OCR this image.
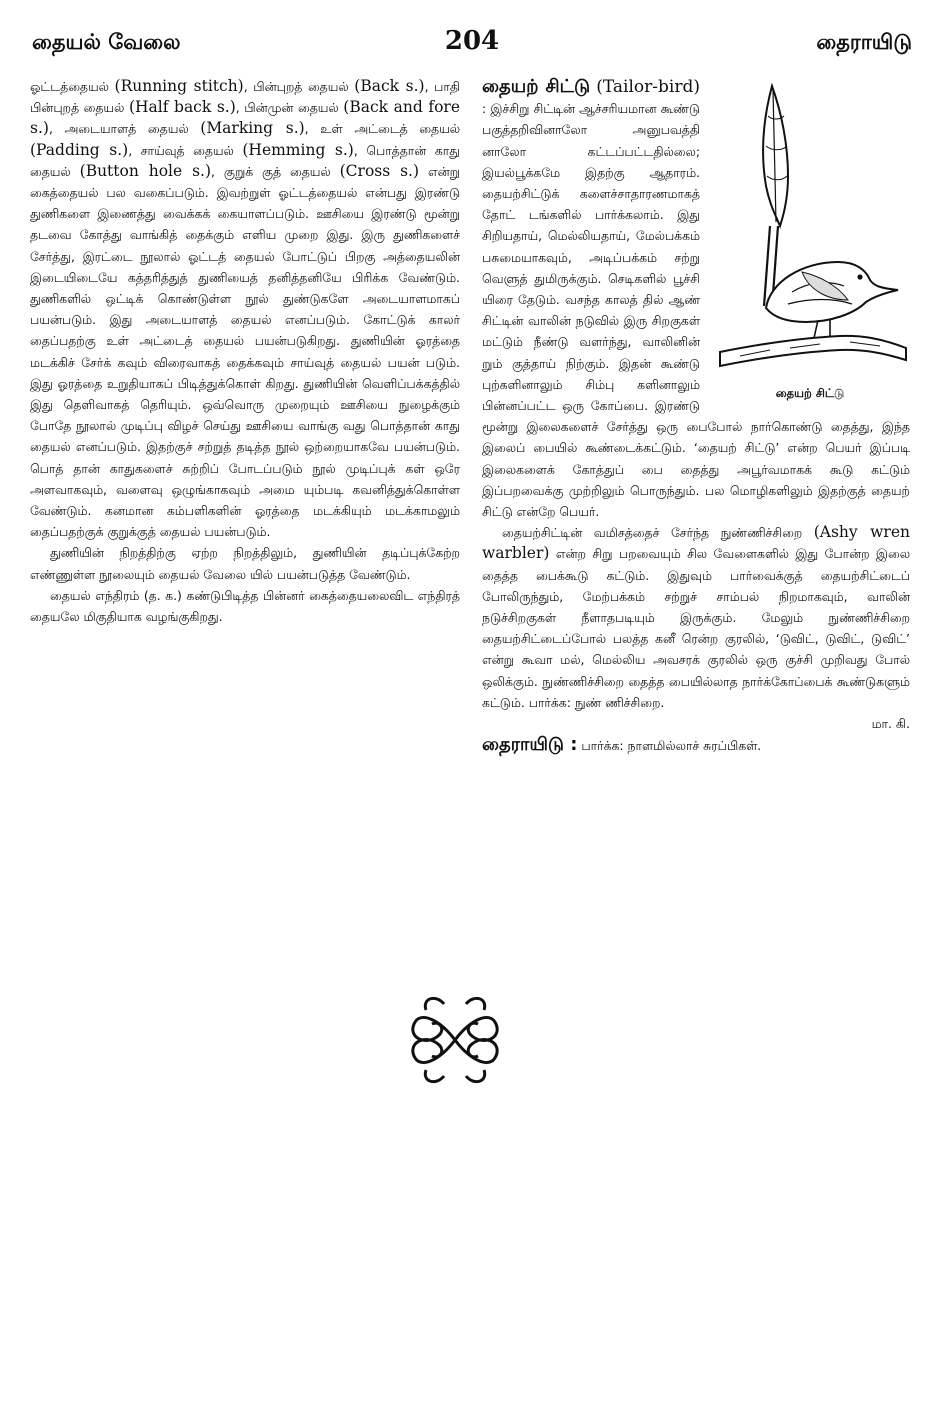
தையல் வேலை	204	தைராயிடு

ஓட்டத்தையல் (Running stitch), பின்புறத் தையல் (Back s.), பாதி பின்புறத் தையல் (Half back s.), பின்முன் தையல் (Back and fore s.), அடையாளத் தையல் (Marking s.), உள் அட்டைத் தையல் (Padding s.), சாய்வுத் தையல் (Hemming s.), பொத்தான் காது தையல் (Button hole s.), குறுக் குத் தையல் (Cross s.) என்று கைத்தையல் பல வகைப்படும். இவற்றுள் ஓட்டத்தையல் என்பது இரண்டு துணிகளை இணைத்து வைக்கக் கையாளப்படும். ஊசியை இரண்டு மூன்று தடவை கோத்து வாங்கித் தைக்கும் எளிய முறை இது. இரு துணிகளைச் சேர்த்து, இரட்டை நூலால் ஓட்டத் தையல் போட்டுப் பிறகு அத்தையலின் இடையிடையே கத்தரித்துத் துணியைத் தனித்தனியே பிரிக்க வேண்டும். துணிகளில் ஒட்டிக் கொண்டுள்ள நூல் துண்டுகளே அடையாளமாகப் பயன்படும். இது அடையாளத் தையல் எனப்படும். கோட்டுக் காலர் தைப்பதற்கு உள் அட்டைத் தையல் பயன்படுகிறது. துணியின் ஓரத்தை மடக்கிச் சேர்க் கவும் விரைவாகத் தைக்கவும் சாய்வுத் தையல் பயன் படும். இது ஓரத்தை உறுதியாகப் பிடித்துக்கொள் கிறது. துணியின் வெளிப்பக்கத்தில் இது தெளிவாகத் தெரியும். ஒவ்வொரு முறையும் ஊசியை நுழைக்கும் போதே நூலால் முடிப்பு விழச் செய்து ஊசியை வாங்கு வது பொத்தான் காது தையல் எனப்படும். இதற்குச் சற்றுத் தடித்த நூல் ஒற்றையாகவே பயன்படும். பொத் தான் காதுகளைச் சுற்றிப் போடப்படும் நூல் முடிப்புக் கள் ஒரே அளவாகவும், வளைவு ஒழுங்காகவும் அமை யும்படி கவனித்துக்கொள்ள வேண்டும். கனமான கம்பளிகளின் ஓரத்தை மடக்கியும் மடக்காமலும் தைப்பதற்குக் குறுக்குத் தையல் பயன்படும்.

துணியின் நிறத்திற்கு ஏற்ற நிறத்திலும், துணியின் தடிப்புக்கேற்ற எண்ணுள்ள நூலையும் தையல் வேலை யில் பயன்படுத்த வேண்டும்.

தையல் எந்திரம் (த. க.) கண்டுபிடித்த பின்னர் கைத்தையலைவிட எந்திரத் தையலே மிகுதியாக வழங்குகிறது.

தையற் சிட்டு (Tailor-bird)
தையற் சிட்டு
: இச்சிறு சிட்டின் ஆச்சரியமான கூண்டு பகுத்தறிவினாலோ அனுபவத்தி னாலோ கட்டப்பட்டதில்லை; இயல்பூக்கமே இதற்கு ஆதாரம். தையற்சிட்டுக் களைச்சாதாரணமாகத் தோட் டங்களில் பார்க்கலாம். இது சிறியதாய், மெல்லியதாய், மேல்பக்கம் பசுமையாகவும், அடிப்பக்கம் சற்று வெளுத் துமிருக்கும். செடிகளில் பூச்சி யிரை தேடும். வசந்த காலத் தில் ஆண் சிட்டின் வாலின் நடுவில் இரு சிறகுகள் மட்டும் நீண்டு வளர்ந்து, வாலினின் றும் குத்தாய் நிற்கும். இதன் கூண்டு புற்களினாலும் சிம்பு களினாலும் பின்னப்பட்ட ஒரு கோப்பை. இரண்டு மூன்று இலைகளைச் சேர்த்து ஒரு பைபோல் நார்கொண்டு தைத்து, இந்த இலைப் பையில் கூண்டைக்கட்டும். ‘தையற் சிட்டு’ என்ற பெயர் இப்படி இலைகளைக் கோத்துப் பை தைத்து அபூர்வமாகக் கூடு கட்டும் இப்பறவைக்கு முற்றிலும் பொருந்தும். பல மொழிகளிலும் இதற்குத் தையற் சிட்டு என்றே பெயர்.

தையற்சிட்டின் வமிசத்தைச் சேர்ந்த நுண்ணிச்சிறை (Ashy wren warbler) என்ற சிறு பறவையும் சில வேளைகளில் இது போன்ற இலை தைத்த பைக்கூடு கட்டும். இதுவும் பார்வைக்குத் தையற்சிட்டைப் போலிருந்தும், மேற்பக்கம் சற்றுச் சாம்பல் நிறமாகவும், வாலின் நடுச்சிறகுகள் நீளாதபடியும் இருக்கும். மேலும் நுண்ணிச்சிறை தையற்சிட்டைப்போல் பலத்த கனீ ரென்ற குரலில், ‘டுவிட், டுவிட், டுவிட்’ என்று கூவா மல், மெல்லிய அவசரக் குரலில் ஒரு குச்சி முறிவது போல் ஒலிக்கும். நுண்ணிச்சிறை தைத்த பையில்லாத நார்க்கோப்பைக் கூண்டுகளும் கட்டும். பார்க்க: நுண் ணிச்சிறை.
மா. கி.

தைராயிடு : பார்க்க: நாளமில்லாச் சுரப்பிகள்.
